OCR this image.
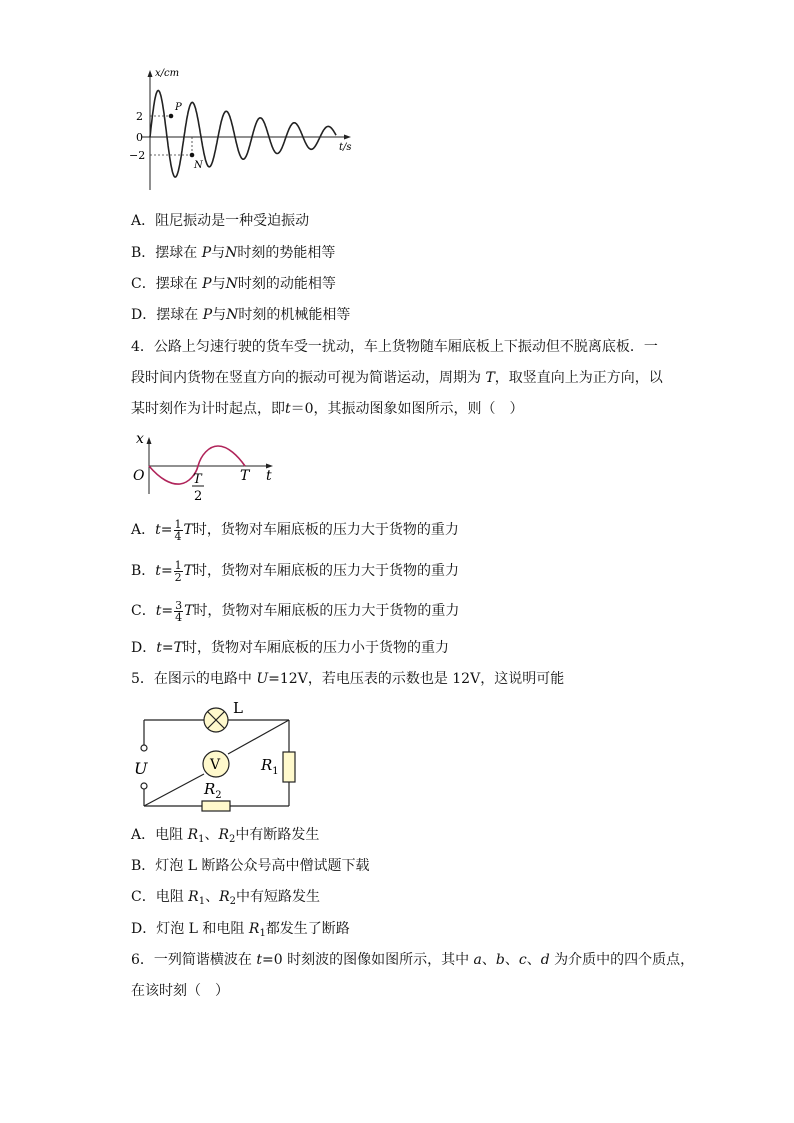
x/cm
t/s
2
0
−2
P
N
A．阻尼振动是一种受迫振动
B．摆球在 P与N时刻的势能相等
C．摆球在 P与N时刻的动能相等
D．摆球在 P与N时刻的机械能相等
4．公路上匀速行驶的货车受一扰动，车上货物随车厢底板上下振动但不脱离底板．一
段时间内货物在竖直方向的振动可视为简谐运动，周期为 T，取竖直向上为正方向，以
某时刻作为计时起点，即t＝0，其振动图象如图所示，则（　）
x
O	t
T
T
2
A．$t= \frac{1}{4}$ T时，货物对车厢底板的压力大于货物的重力
B．$t= \frac{1}{2}$ T时，货物对车厢底板的压力大于货物的重力
C．$t= \frac{3}{4}$ T时，货物对车厢底板的压力大于货物的重力
D．t=T时，货物对车厢底板的压力小于货物的重力
5．在图示的电路中 U=12V，若电压表的示数也是 12V，这说明可能
L
V	$R_1$
$R_2$
U
A．电阻 $R_1$、$R_2$中有断路发生
B．灯泡 L 断路公众号高中僧试题下载
C．电阻 $R_1$、$R_2$中有短路发生
D．灯泡 L 和电阻 $R_1$都发生了断路
6．一列简谐横波在 t=0 时刻波的图像如图所示，其中 a、b、c、d 为介质中的四个质点，
在该时刻（　）
